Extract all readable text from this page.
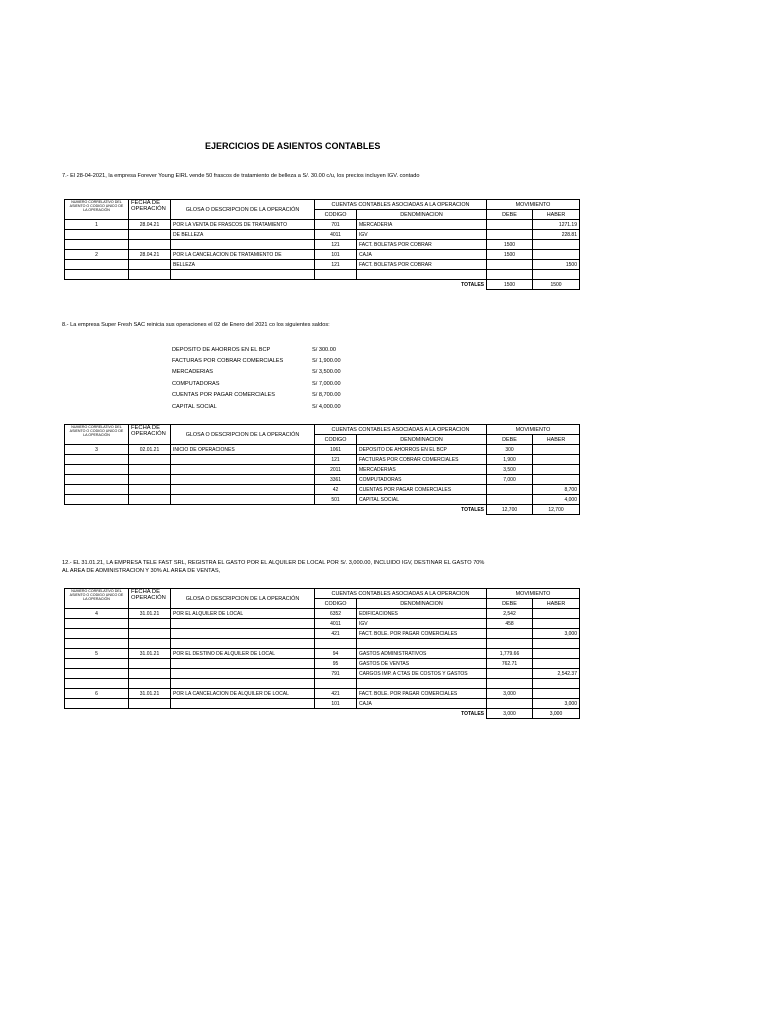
EJERCICIOS DE ASIENTOS CONTABLES
7.- El 28-04-2021, la empresa Forever Young EIRL vende 50 frascos de tratamiento de belleza a S/. 30.00 c/u, los precios incluyen IGV. contado
NUMERO CORRELATIVO DEL ASIENTO O CODIGO UNICO DE LA OPERACIÓN	FECHA DE OPERACIÓN	GLOSA O DESCRIPCION DE LA OPERACIÓN	CUENTAS CONTABLES ASOCIADAS A LA OPERACION		MOVIMIENTO	
			CODIGO	DENOMINACION	DEBE	HABER
1	28.04.21	POR LA VENTA DE FRASCOS DE TRATAMIENTO	701	MERCADERIA		1271.19
		DE BELLEZA	4011	IGV		228.81
			121	FACT. BOLETAS POR COBRAR	1500	
2	28.04.21	POR LA CANCELACION DE TRATAMIENTO DE	101	CAJA	1500	
		BELLEZA	121	FACT. BOLETAS POR COBRAR		1500

TOTALES					1500	1500
8.- La empresa Super Fresh SAC reinicia sus operaciones el 02 de Enero del 2021 co los siguientes saldos:
DEPOSITO DE AHORROS EN EL BCP	S/ 300.00
FACTURAS POR COBRAR COMERCIALES	S/ 1,900.00
MERCADERIAS	S/ 3,500.00
COMPUTADORAS	S/ 7,000.00
CUENTAS POR PAGAR COMERCIALES	S/ 8,700.00
CAPITAL SOCIAL	S/ 4,000.00
NUMERO CORRELATIVO DEL ASIENTO O CODIGO UNICO DE LA OPERACIÓN	FECHA DE OPERACIÓN	GLOSA O DESCRIPCION DE LA OPERACIÓN	CUENTAS CONTABLES ASOCIADAS A LA OPERACION		MOVIMIENTO	
			CODIGO	DENOMINACION	DEBE	HABER
3	02.01.21	INICIO DE OPERACIONES	1061	DEPOSITO DE AHORROS EN EL BCP	300	
			121	FACTURAS POR COBRAR COMERCIALES	1,900	
			2011	MERCADERIAS	3,500	
			3361	COMPUTADORAS	7,000	
			42	CUENTAS POR PAGAR COMERCIALES		8,700
			501	CAPITAL SOCIAL		4,000
TOTALES					12,700	12,700
12.- EL 31.01.21, LA EMPRESA TELE FAST SRL, REGISTRA EL GASTO POR EL ALQUILER DE LOCAL POR S/. 3,000.00, INCLUIDO IGV, DESTINAR EL GASTO 70% AL AREA DE ADMINISTRACION Y 30% AL AREA DE VENTAS,
NUMERO CORRELATIVO DEL ASIENTO O CODIGO UNICO DE LA OPERACIÓN	FECHA DE OPERACIÓN	GLOSA O DESCRIPCION DE LA OPERACIÓN	CUENTAS CONTABLES ASOCIADAS A LA OPERACION		MOVIMIENTO	
			CODIGO	DENOMINACION	DEBE	HABER
4	31.01.21	POR EL ALQUILER DE LOCAL	6352	EDIFICACIONES	2,542	
			4011	IGV	458	
			421	FACT. BOLE. POR PAGAR COMERCIALES		3,000

5	31.01.21	POR EL DESTINO DE ALQUILER DE LOCAL	94	GASTOS ADMINISTRATIVOS	1,779.66	
			95	GASTOS DE VENTAS	762.71	
			791	CARGOS IMP. A CTAS DE COSTOS Y GASTOS		2,542.37

6	31.01.21	POR LA CANCELACION DE ALQUILER DE LOCAL	421	FACT. BOLE. POR PAGAR COMERCIALES	3,000	
			101	CAJA		3,000
TOTALES					3,000	3,000
